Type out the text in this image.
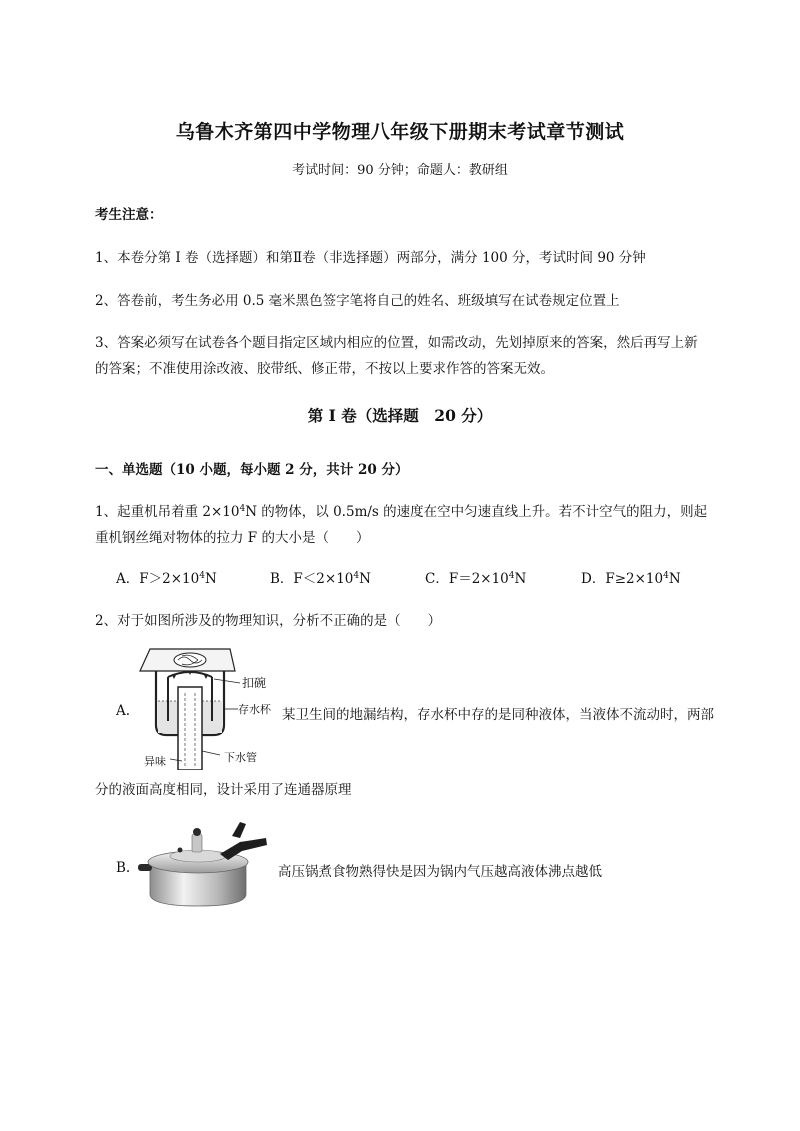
乌鲁木齐第四中学物理八年级下册期末考试章节测试
考试时间：90 分钟；命题人：教研组
考生注意：
1、本卷分第 I 卷（选择题）和第Ⅱ卷（非选择题）两部分，满分 100 分，考试时间 90 分钟
2、答卷前，考生务必用 0.5 毫米黑色签字笔将自己的姓名、班级填写在试卷规定位置上
3、答案必须写在试卷各个题目指定区域内相应的位置，如需改动，先划掉原来的答案，然后再写上新
的答案；不准使用涂改液、胶带纸、修正带，不按以上要求作答的答案无效。
第 I 卷（选择题　20 分）
一、单选题（10 小题，每小题 2 分，共计 20 分）
1、起重机吊着重 $2\times 10^4N$ 的物体，以 0.5m/s 的速度在空中匀速直线上升。若不计空气的阻力，则起
重机钢丝绳对物体的拉力 F 的大小是（　　）
A．$F>2\times 10^4N$	B．$F<2\times 10^4N$	C．$F=2\times 10^4N$	D．$F\ge 2\times 10^4N$
2、对于如图所涉及的物理知识，分析不正确的是（　　）
A.
扣碗
存水杯
异味	下水管
某卫生间的地漏结构，存水杯中存的是同种液体，当液体不流动时，两部
分的液面高度相同，设计采用了连通器原理
B.	高压锅煮食物熟得快是因为锅内气压越高液体沸点越低
